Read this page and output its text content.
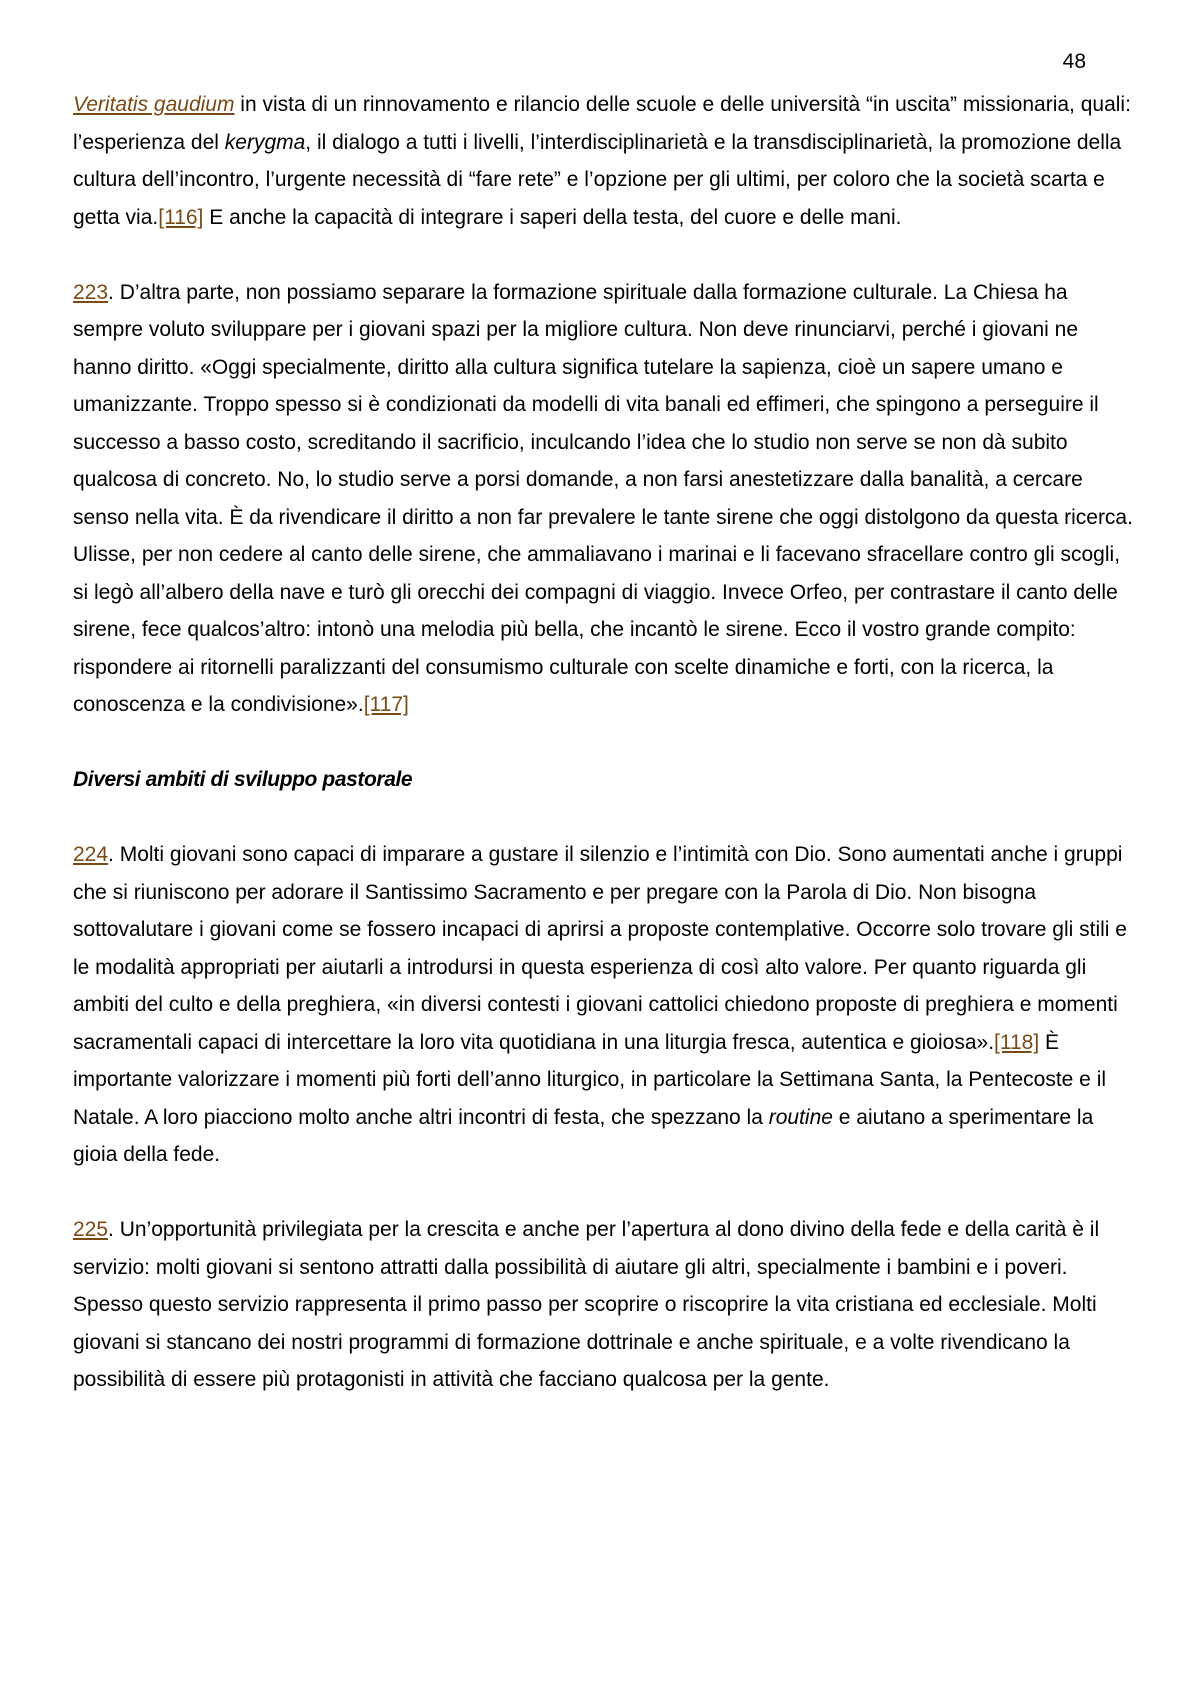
48

Veritatis gaudium in vista di un rinnovamento e rilancio delle scuole e delle università “in uscita” missionaria, quali: l’esperienza del kerygma, il dialogo a tutti i livelli, l’interdisciplinarietà e la transdisciplinarietà, la promozione della cultura dell’incontro, l’urgente necessità di “fare rete” e l’opzione per gli ultimi, per coloro che la società scarta e getta via.[116] E anche la capacità di integrare i saperi della testa, del cuore e delle mani.

223. D’altra parte, non possiamo separare la formazione spirituale dalla formazione culturale. La Chiesa ha sempre voluto sviluppare per i giovani spazi per la migliore cultura. Non deve rinunciarvi, perché i giovani ne hanno diritto. «Oggi specialmente, diritto alla cultura significa tutelare la sapienza, cioè un sapere umano e umanizzante. Troppo spesso si è condizionati da modelli di vita banali ed effimeri, che spingono a perseguire il successo a basso costo, screditando il sacrificio, inculcando l’idea che lo studio non serve se non dà subito qualcosa di concreto. No, lo studio serve a porsi domande, a non farsi anestetizzare dalla banalità, a cercare senso nella vita. È da rivendicare il diritto a non far prevalere le tante sirene che oggi distolgono da questa ricerca. Ulisse, per non cedere al canto delle sirene, che ammaliavano i marinai e li facevano sfracellare contro gli scogli, si legò all’albero della nave e turò gli orecchi dei compagni di viaggio. Invece Orfeo, per contrastare il canto delle sirene, fece qualcos’altro: intonò una melodia più bella, che incantò le sirene. Ecco il vostro grande compito: rispondere ai ritornelli paralizzanti del consumismo culturale con scelte dinamiche e forti, con la ricerca, la conoscenza e la condivisione».[117]

Diversi ambiti di sviluppo pastorale

224. Molti giovani sono capaci di imparare a gustare il silenzio e l’intimità con Dio. Sono aumentati anche i gruppi che si riuniscono per adorare il Santissimo Sacramento e per pregare con la Parola di Dio. Non bisogna sottovalutare i giovani come se fossero incapaci di aprirsi a proposte contemplative. Occorre solo trovare gli stili e le modalità appropriati per aiutarli a introdursi in questa esperienza di così alto valore. Per quanto riguarda gli ambiti del culto e della preghiera, «in diversi contesti i giovani cattolici chiedono proposte di preghiera e momenti sacramentali capaci di intercettare la loro vita quotidiana in una liturgia fresca, autentica e gioiosa».[118] È importante valorizzare i momenti più forti dell’anno liturgico, in particolare la Settimana Santa, la Pentecoste e il Natale. A loro piacciono molto anche altri incontri di festa, che spezzano la routine e aiutano a sperimentare la gioia della fede.

225. Un’opportunità privilegiata per la crescita e anche per l’apertura al dono divino della fede e della carità è il servizio: molti giovani si sentono attratti dalla possibilità di aiutare gli altri, specialmente i bambini e i poveri. Spesso questo servizio rappresenta il primo passo per scoprire o riscoprire la vita cristiana ed ecclesiale. Molti giovani si stancano dei nostri programmi di formazione dottrinale e anche spirituale, e a volte rivendicano la possibilità di essere più protagonisti in attività che facciano qualcosa per la gente.
